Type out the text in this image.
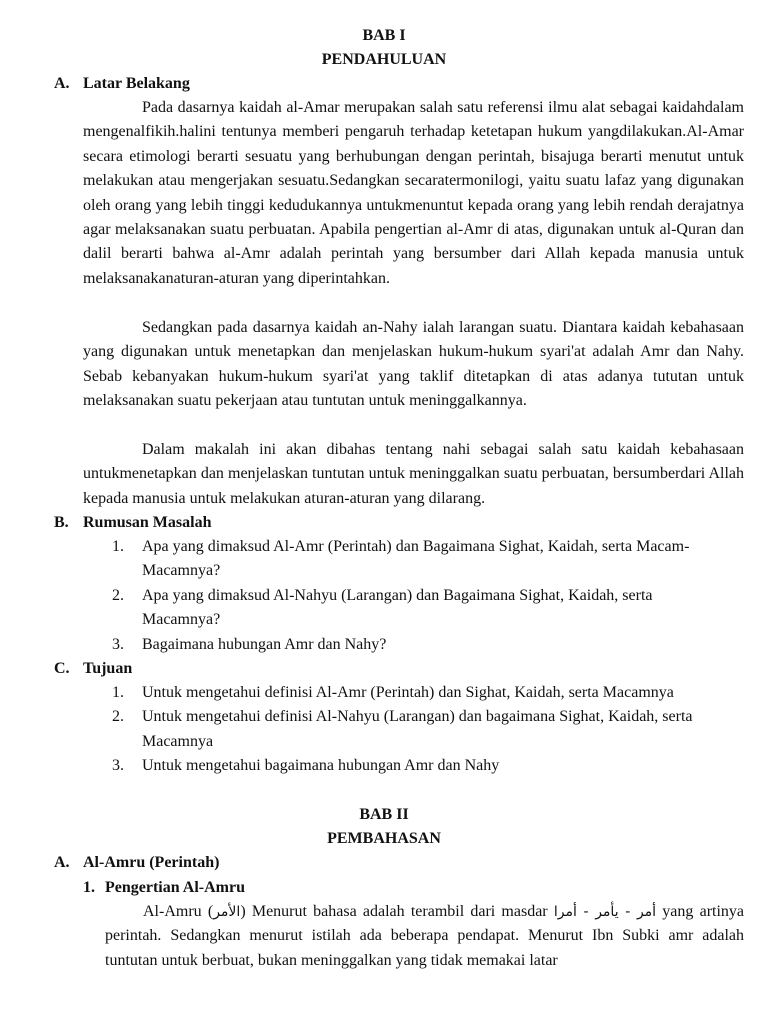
BAB I
PENDAHULUAN
A. Latar Belakang
Pada dasarnya kaidah al-Amar merupakan salah satu referensi ilmu alat sebagai kaidahdalam mengenalfikih.halini tentunya memberi pengaruh terhadap ketetapan hukum yangdilakukan.Al-Amar secara etimologi berarti sesuatu yang berhubungan dengan perintah, bisajuga berarti menutut untuk melakukan atau mengerjakan sesuatu.Sedangkan secaratermonilogi, yaitu suatu lafaz yang digunakan oleh orang yang lebih tinggi kedudukannya untukmenuntut kepada orang yang lebih rendah derajatnya agar melaksanakan suatu perbuatan. Apabila pengertian al-Amr di atas, digunakan untuk al-Quran dan dalil berarti bahwa al-Amr adalah perintah yang bersumber dari Allah kepada manusia untuk melaksanakanaturan-aturan yang diperintahkan.
Sedangkan pada dasarnya kaidah an-Nahy ialah larangan suatu. Diantara kaidah kebahasaan yang digunakan untuk menetapkan dan menjelaskan hukum-hukum syari'at adalah Amr dan Nahy. Sebab kebanyakan hukum-hukum syari'at yang taklif ditetapkan di atas adanya tututan untuk melaksanakan suatu pekerjaan atau tuntutan untuk meninggalkannya.
Dalam makalah ini akan dibahas tentang nahi sebagai salah satu kaidah kebahasaan untukmenetapkan dan menjelaskan tuntutan untuk meninggalkan suatu perbuatan, bersumberdari Allah kepada manusia untuk melakukan aturan-aturan yang dilarang.
B. Rumusan Masalah
1. Apa yang dimaksud Al-Amr (Perintah) dan Bagaimana Sighat, Kaidah, serta Macam-Macamnya?
2. Apa yang dimaksud Al-Nahyu (Larangan) dan Bagaimana Sighat, Kaidah, serta Macamnya?
3. Bagaimana hubungan Amr dan Nahy?
C. Tujuan
1. Untuk mengetahui definisi Al-Amr (Perintah) dan Sighat, Kaidah, serta Macamnya
2. Untuk mengetahui definisi Al-Nahyu (Larangan) dan bagaimana Sighat, Kaidah, serta Macamnya
3. Untuk mengetahui bagaimana hubungan Amr dan Nahy
BAB II
PEMBAHASAN
A. Al-Amru (Perintah)
1. Pengertian Al-Amru
Al-Amru (الأمر) Menurut bahasa adalah terambil dari masdar أمر - يأمر - أمرا yang artinya perintah. Sedangkan menurut istilah ada beberapa pendapat. Menurut Ibn Subki amr adalah tuntutan untuk berbuat, bukan meninggalkan yang tidak memakai latar
